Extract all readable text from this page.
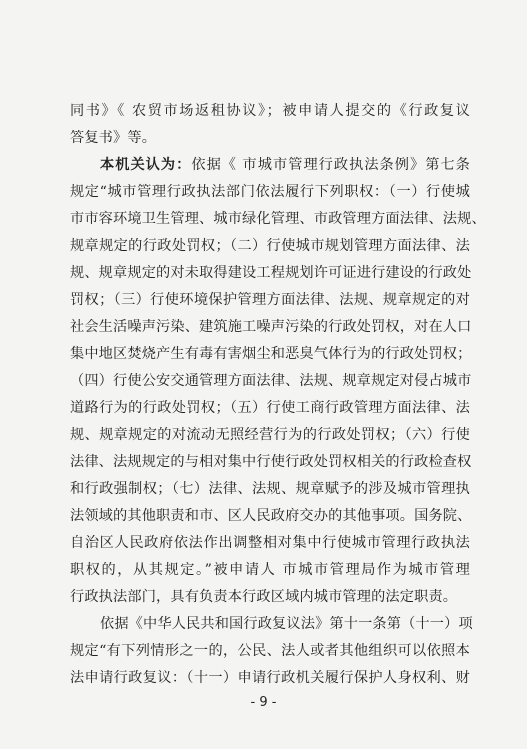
同书》《 农贸市场返租协议》；被申请人提交的《行政复议
答复书》等。
本机关认为：依据《 市城市管理行政执法条例》第七条
规定“城市管理行政执法部门依法履行下列职权：（一）行使城
市市容环境卫生管理、城市绿化管理、市政管理方面法律、法规、
规章规定的行政处罚权；（二）行使城市规划管理方面法律、法
规、规章规定的对未取得建设工程规划许可证进行建设的行政处
罚权；（三）行使环境保护管理方面法律、法规、规章规定的对
社会生活噪声污染、建筑施工噪声污染的行政处罚权，对在人口
集中地区焚烧产生有毒有害烟尘和恶臭气体行为的行政处罚权；
（四）行使公安交通管理方面法律、法规、规章规定对侵占城市
道路行为的行政处罚权；（五）行使工商行政管理方面法律、法
规、规章规定的对流动无照经营行为的行政处罚权；（六）行使
法律、法规规定的与相对集中行使行政处罚权相关的行政检查权
和行政强制权；（七）法律、法规、规章赋予的涉及城市管理执
法领域的其他职责和市、区人民政府交办的其他事项。国务院、
自治区人民政府依法作出调整相对集中行使城市管理行政执法
职权的，从其规定。”被申请人 市城市管理局作为城市管理
行政执法部门，具有负责本行政区域内城市管理的法定职责。
依据《中华人民共和国行政复议法》第十一条第（十一）项
规定“有下列情形之一的，公民、法人或者其他组织可以依照本
法申请行政复议：（十一）申请行政机关履行保护人身权利、财
- 9 -
